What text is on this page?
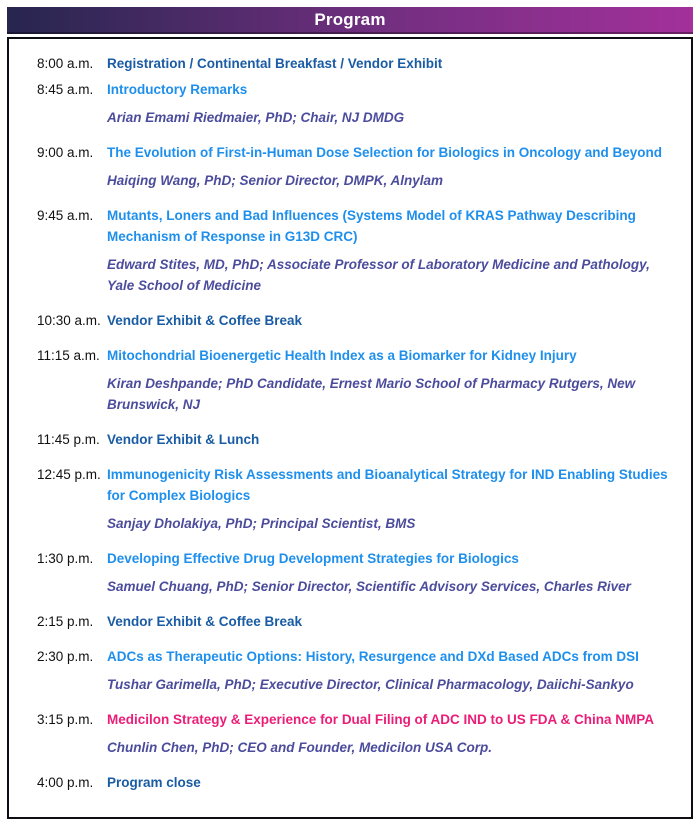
Program
8:00 a.m.	Registration / Continental Breakfast / Vendor Exhibit
8:45 a.m.	Introductory Remarks
Arian Emami Riedmaier, PhD; Chair, NJ DMDG
9:00 a.m.	The Evolution of First-in-Human Dose Selection for Biologics in Oncology and Beyond
Haiqing Wang, PhD; Senior Director, DMPK, Alnylam
9:45 a.m.	Mutants, Loners and Bad Influences (Systems Model of KRAS Pathway Describing Mechanism of Response in G13D CRC)
Edward Stites, MD, PhD; Associate Professor of Laboratory Medicine and Pathology, Yale School of Medicine
10:30 a.m. Vendor Exhibit & Coffee Break
11:15 a.m. Mitochondrial Bioenergetic Health Index as a Biomarker for Kidney Injury
Kiran Deshpande; PhD Candidate, Ernest Mario School of Pharmacy Rutgers, New Brunswick, NJ
11:45 p.m. Vendor Exhibit & Lunch
12:45 p.m. Immunogenicity Risk Assessments and Bioanalytical Strategy for IND Enabling Studies for Complex Biologics
Sanjay Dholakiya, PhD; Principal Scientist, BMS
1:30 p.m.	Developing Effective Drug Development Strategies for Biologics
Samuel Chuang, PhD; Senior Director, Scientific Advisory Services, Charles River
2:15 p.m.	Vendor Exhibit & Coffee Break
2:30 p.m.	ADCs as Therapeutic Options: History, Resurgence and DXd Based ADCs from DSI
Tushar Garimella, PhD; Executive Director, Clinical Pharmacology, Daiichi-Sankyo
3:15 p.m.	Medicilon Strategy & Experience for Dual Filing of ADC IND to US FDA & China NMPA
Chunlin Chen, PhD; CEO and Founder, Medicilon USA Corp.
4:00 p.m.	Program close
